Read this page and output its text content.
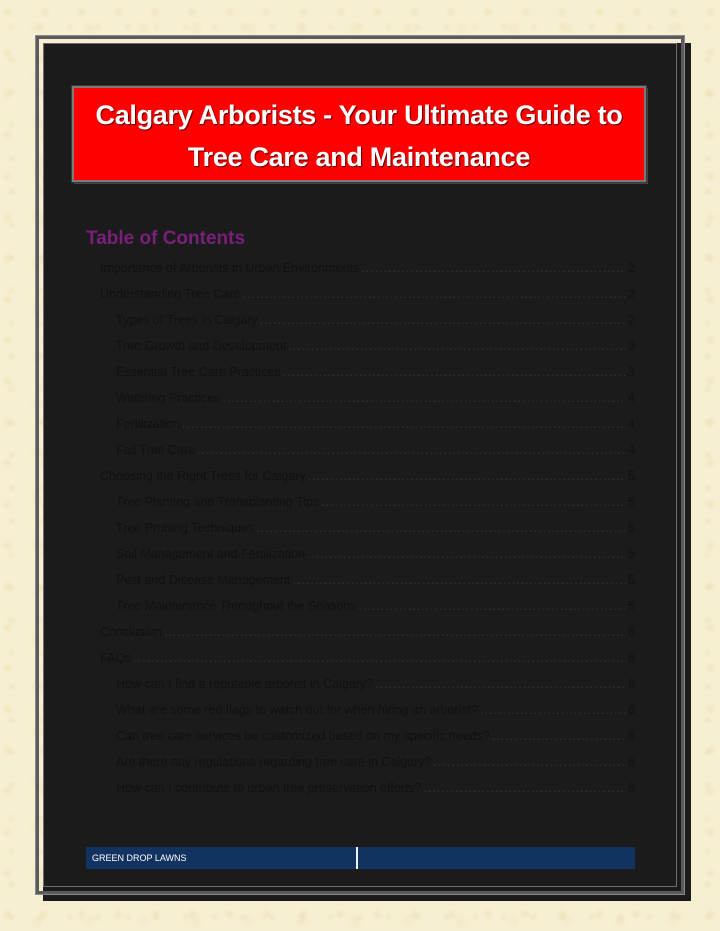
Calgary Arborists - Your Ultimate Guide to
Tree Care and Maintenance
Table of Contents
Importance of Arborists in Urban Environments .....	2
Understanding Tree Care .....	2
Types of Trees in Calgary .....	2
Tree Growth and Development .....	3
Essential Tree Care Practices .....	3
Watering Practices .....	4
Fertilization .....	4
Fall Tree Care .....	4
Choosing the Right Trees for Calgary .....	5
Tree Planting and Transplanting Tips .....	5
Tree Pruning Techniques .....	5
Soil Management and Fertilization .....	5
Pest and Disease Management .....	5
Tree Maintenance Throughout the Seasons .....	5
Conclusion .....	6
FAQs .....	6
How can I find a reputable arborist in Calgary? .....	6
What are some red flags to watch out for when hiring an arborist? .....	6
Can tree care services be customized based on my specific needs? .....	6
Are there any regulations regarding tree care in Calgary? .....	6
How can I contribute to urban tree preservation efforts? .....	6
GREEN DROP LAWNS
